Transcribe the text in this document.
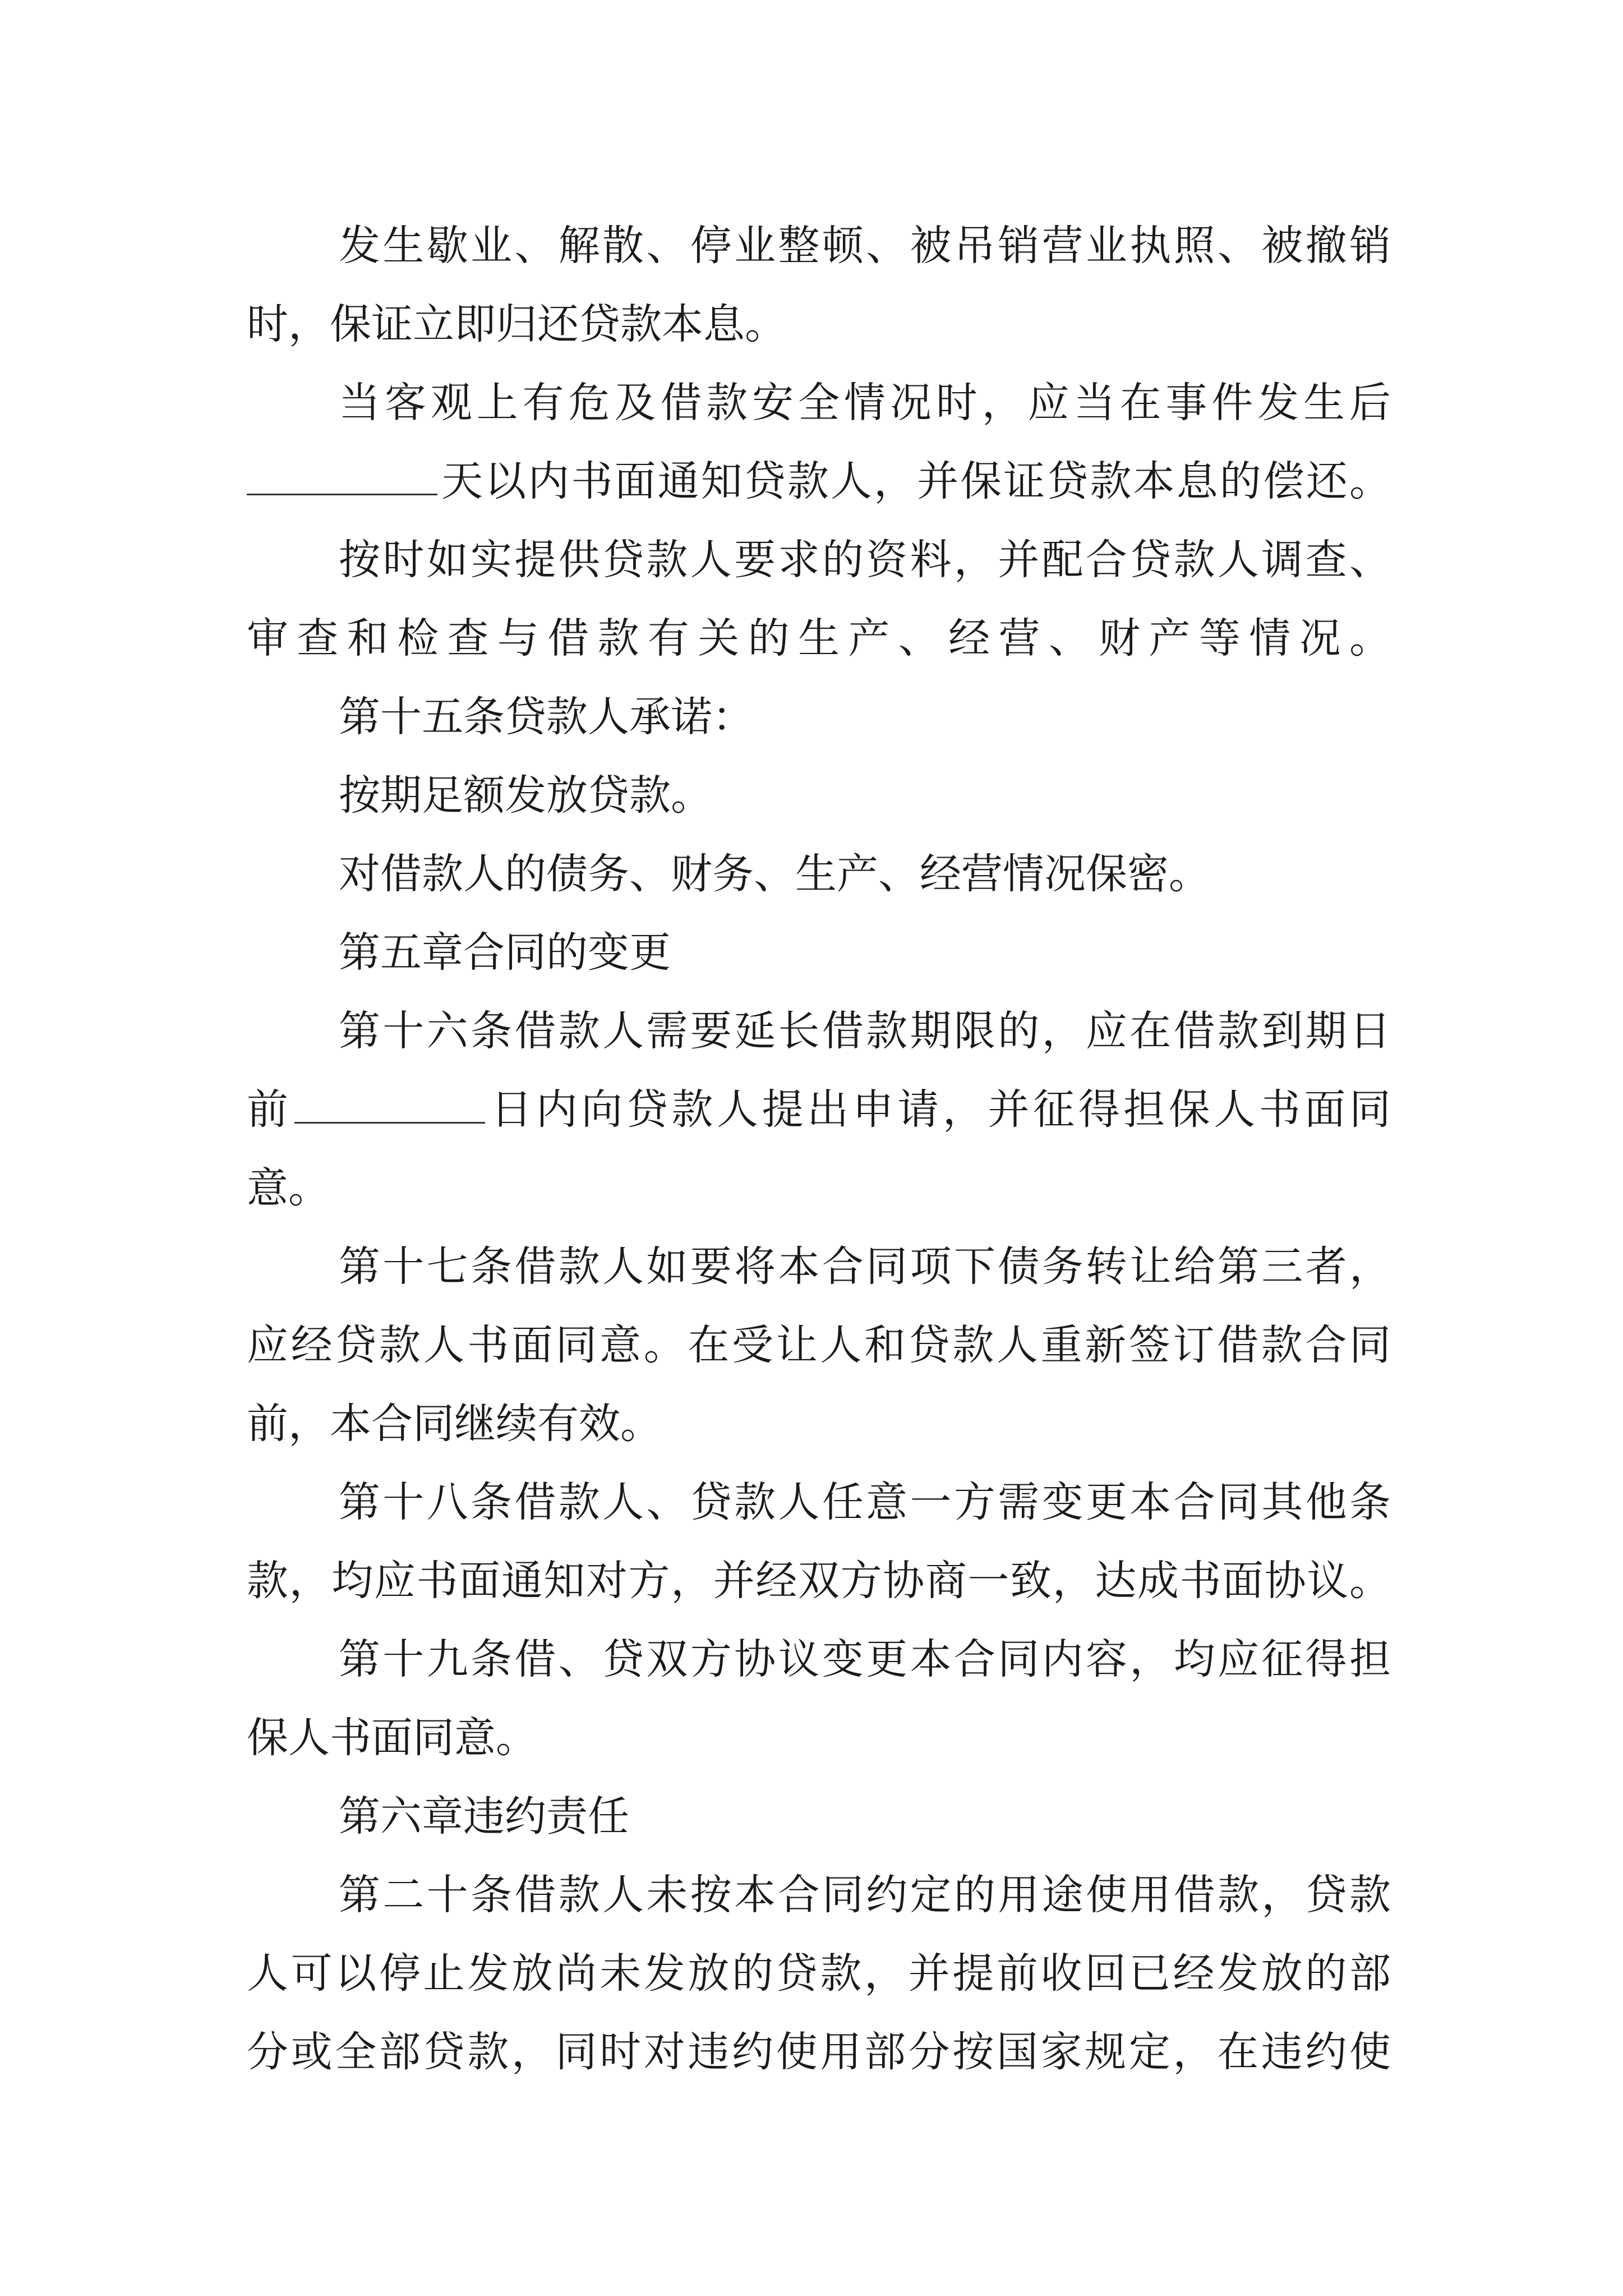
发生歇业、解散、停业整顿、被吊销营业执照、被撤销
时，保证立即归还贷款本息。
当客观上有危及借款安全情况时，应当在事件发生后
天以内书面通知贷款人，并保证贷款本息的偿还。
按时如实提供贷款人要求的资料，并配合贷款人调查、
审查和检查与借款有关的生产、经营、财产等情况。
第十五条贷款人承诺：
按期足额发放贷款。
对借款人的债务、财务、生产、经营情况保密。
第五章合同的变更
第十六条借款人需要延长借款期限的，应在借款到期日
前	日内向贷款人提出申请，并征得担保人书面同
意。
第十七条借款人如要将本合同项下债务转让给第三者，
应经贷款人书面同意。在受让人和贷款人重新签订借款合同
前，本合同继续有效。
第十八条借款人、贷款人任意一方需变更本合同其他条
款，均应书面通知对方，并经双方协商一致，达成书面协议。
第十九条借、贷双方协议变更本合同内容，均应征得担
保人书面同意。
第六章违约责任
第二十条借款人未按本合同约定的用途使用借款，贷款
人可以停止发放尚未发放的贷款，并提前收回已经发放的部
分或全部贷款，同时对违约使用部分按国家规定，在违约使
